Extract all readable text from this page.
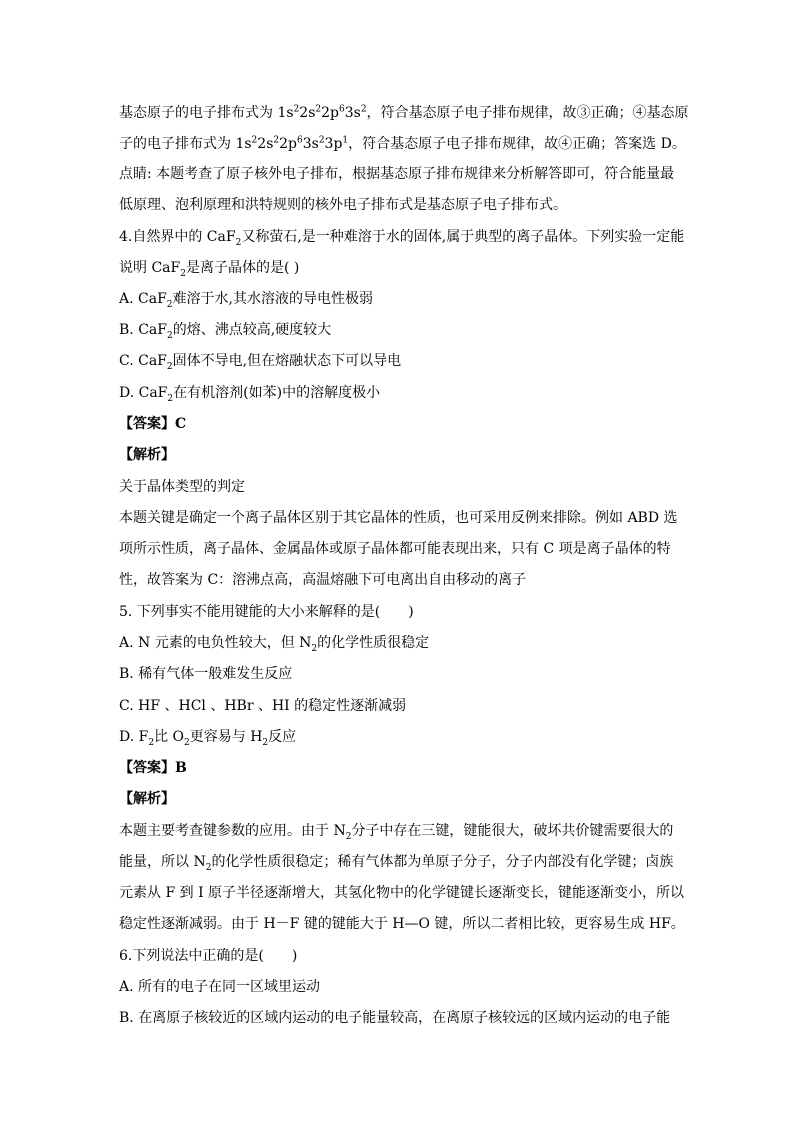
基态原子的电子排布式为 $1s^22s^22p^63s^2$，符合基态原子电子排布规律，故③正确；④基态原
子的电子排布式为 $1s^22s^22p^63s^23p^1$，符合基态原子电子排布规律，故④正确；答案选 D。
点睛: 本题考查了原子核外电子排布，根据基态原子排布规律来分析解答即可，符合能量最
低原理、泡利原理和洪特规则的核外电子排布式是基态原子电子排布式。
4.自然界中的 CaF$_2$又称萤石,是一种难溶于水的固体,属于典型的离子晶体。下列实验一定能
说明 CaF$_2$是离子晶体的是( )
A. CaF$_2$难溶于水,其水溶液的导电性极弱
B. CaF$_2$的熔、沸点较高,硬度较大
C. CaF$_2$固体不导电,但在熔融状态下可以导电
D. CaF$_2$在有机溶剂(如苯)中的溶解度极小
【答案】C
【解析】
关于晶体类型的判定
本题关键是确定一个离子晶体区别于其它晶体的性质，也可采用反例来排除。例如 ABD 选
项所示性质，离子晶体、金属晶体或原子晶体都可能表现出来，只有 C 项是离子晶体的特
性，故答案为 C：溶沸点高，高温熔融下可电离出自由移动的离子
5. 下列事实不能用键能的大小来解释的是(　　)
A. N 元素的电负性较大，但 $N_2$的化学性质很稳定
B. 稀有气体一般难发生反应
C. HF 、HCl 、HBr 、HI 的稳定性逐渐减弱
D. $F_2$比 $O_2$更容易与 $H_2$反应
【答案】B
【解析】
本题主要考查键参数的应用。由于 $N_2$分子中存在三键，键能很大，破坏共价键需要很大的
能量，所以 $N_2$的化学性质很稳定；稀有气体都为单原子分子，分子内部没有化学键；卤族
元素从 F 到 I 原子半径逐渐增大，其氢化物中的化学键键长逐渐变长，键能逐渐变小，所以
稳定性逐渐减弱。由于 H－F 键的键能大于 H—O 键，所以二者相比较，更容易生成 HF。
6.下列说法中正确的是(　　)
A. 所有的电子在同一区域里运动
B. 在离原子核较近的区域内运动的电子能量较高，在离原子核较远的区域内运动的电子能
